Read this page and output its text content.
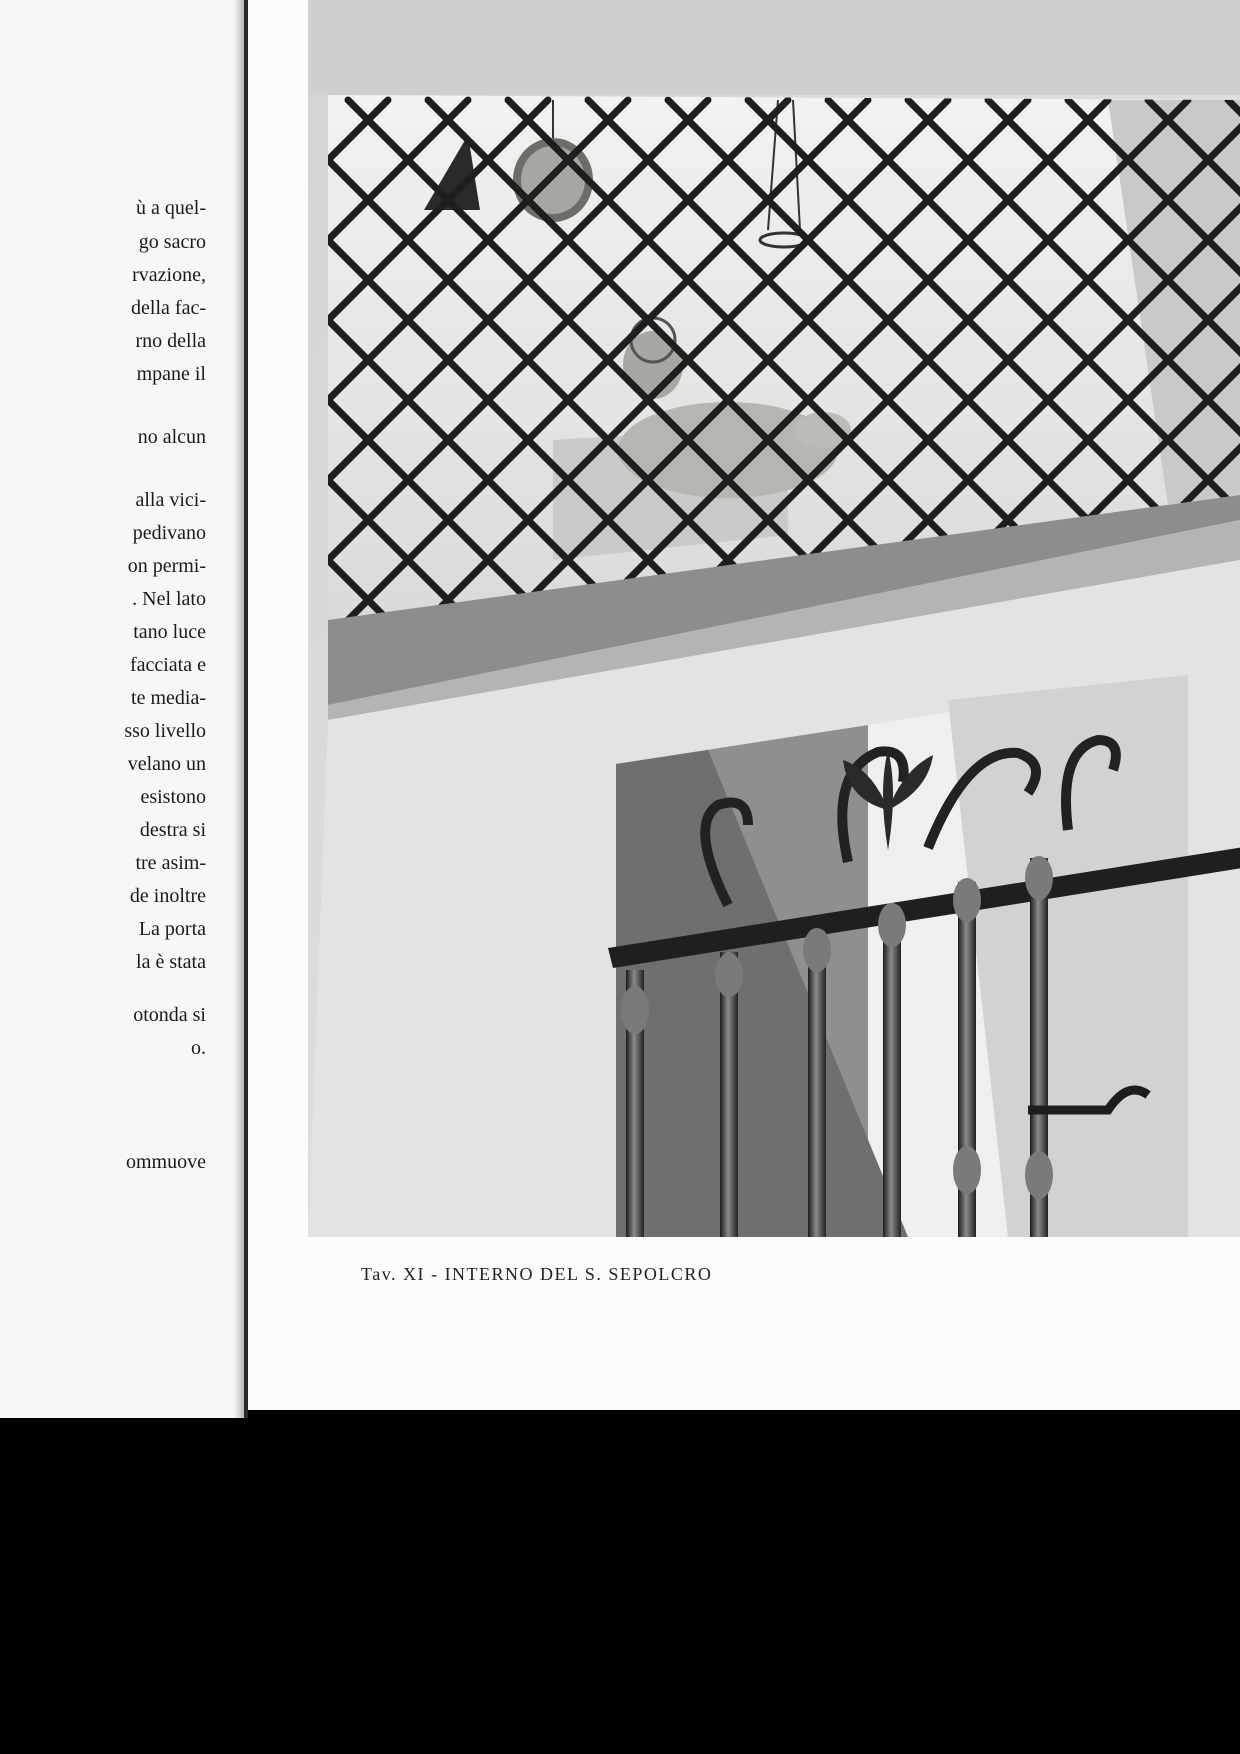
ù a quel-
go sacro
rvazione,
della fac-
rno della
mpane il
no alcun
alla vici-
pedivano
on permi-
. Nel lato
tano luce
facciata e
te media-
sso livello
velano un
esistono
destra si
tre asim-
de inoltre
La porta
la è stata
otonda si
o.
ommuove
Tav. XI - INTERNO DEL S. SEPOLCRO
